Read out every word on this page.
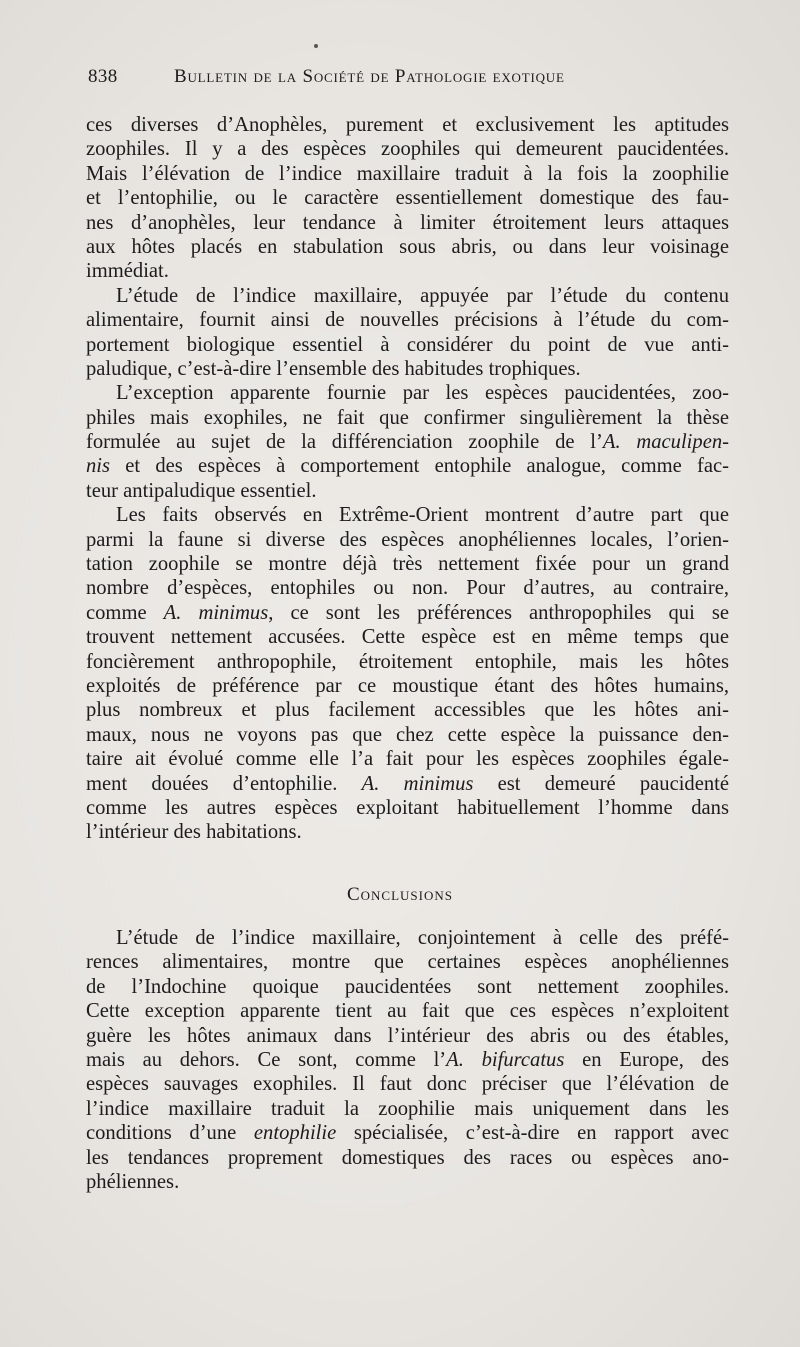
838	Bulletin de la Société de Pathologie exotique
ces diverses d’Anophèles, purement et exclusivement les aptitudes
zoophiles. Il y a des espèces zoophiles qui demeurent paucidentées.
Mais l’élévation de l’indice maxillaire traduit à la fois la zoophilie
et l’entophilie, ou le caractère essentiellement domestique des fau-
nes d’anophèles, leur tendance à limiter étroitement leurs attaques
aux hôtes placés en stabulation sous abris, ou dans leur voisinage
immédiat.
L’étude de l’indice maxillaire, appuyée par l’étude du contenu
alimentaire, fournit ainsi de nouvelles précisions à l’étude du com-
portement biologique essentiel à considérer du point de vue anti-
paludique, c’est-à-dire l’ensemble des habitudes trophiques.
L’exception apparente fournie par les espèces paucidentées, zoo-
philes mais exophiles, ne fait que confirmer singulièrement la thèse
formulée au sujet de la différenciation zoophile de l’A. maculipen-
nis et des espèces à comportement entophile analogue, comme fac-
teur antipaludique essentiel.
Les faits observés en Extrême-Orient montrent d’autre part que
parmi la faune si diverse des espèces anophéliennes locales, l’orien-
tation zoophile se montre déjà très nettement fixée pour un grand
nombre d’espèces, entophiles ou non. Pour d’autres, au contraire,
comme A. minimus, ce sont les préférences anthropophiles qui se
trouvent nettement accusées. Cette espèce est en même temps que
foncièrement anthropophile, étroitement entophile, mais les hôtes
exploités de préférence par ce moustique étant des hôtes humains,
plus nombreux et plus facilement accessibles que les hôtes ani-
maux, nous ne voyons pas que chez cette espèce la puissance den-
taire ait évolué comme elle l’a fait pour les espèces zoophiles égale-
ment douées d’entophilie. A. minimus est demeuré paucidenté
comme les autres espèces exploitant habituellement l’homme dans
l’intérieur des habitations.
Conclusions
L’étude de l’indice maxillaire, conjointement à celle des préfé-
rences alimentaires, montre que certaines espèces anophéliennes
de l’Indochine quoique paucidentées sont nettement zoophiles.
Cette exception apparente tient au fait que ces espèces n’exploitent
guère les hôtes animaux dans l’intérieur des abris ou des étables,
mais au dehors. Ce sont, comme l’A. bifurcatus en Europe, des
espèces sauvages exophiles. Il faut donc préciser que l’élévation de
l’indice maxillaire traduit la zoophilie mais uniquement dans les
conditions d’une entophilie spécialisée, c’est-à-dire en rapport avec
les tendances proprement domestiques des races ou espèces ano-
phéliennes.
